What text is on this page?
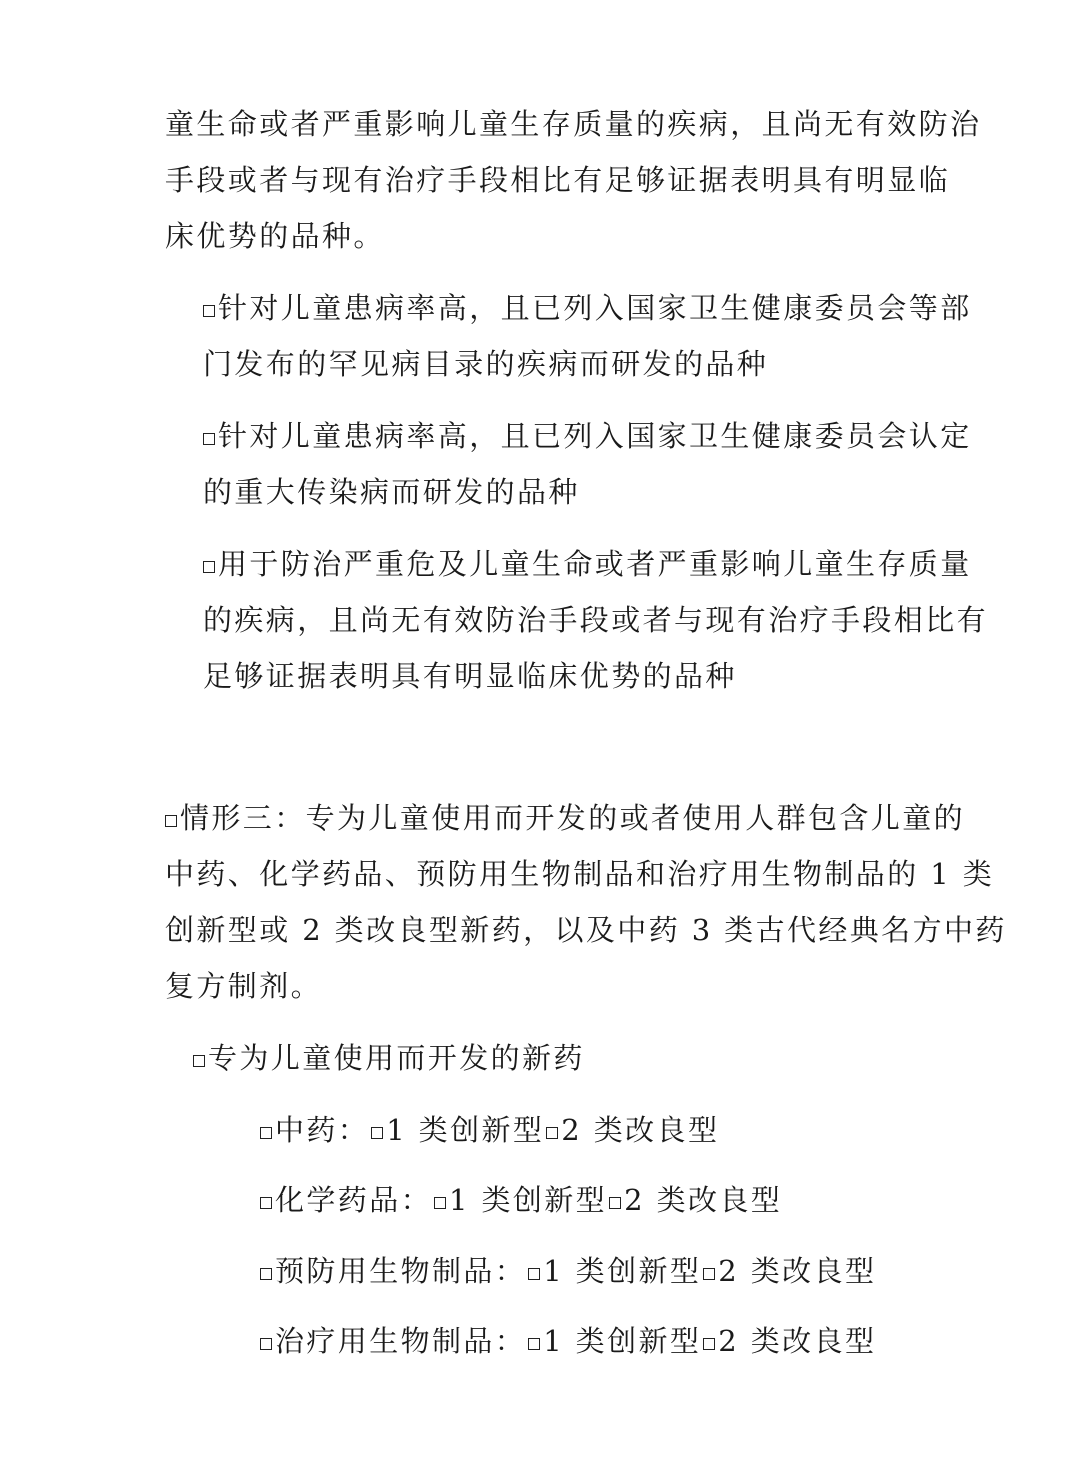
童生命或者严重影响儿童生存质量的疾病，且尚无有效防治
手段或者与现有治疗手段相比有足够证据表明具有明显临
床优势的品种。
针对儿童患病率高，且已列入国家卫生健康委员会等部
门发布的罕见病目录的疾病而研发的品种
针对儿童患病率高，且已列入国家卫生健康委员会认定
的重大传染病而研发的品种
用于防治严重危及儿童生命或者严重影响儿童生存质量
的疾病，且尚无有效防治手段或者与现有治疗手段相比有
足够证据表明具有明显临床优势的品种
情形三：专为儿童使用而开发的或者使用人群包含儿童的
中药、化学药品、预防用生物制品和治疗用生物制品的 1 类
创新型或 2 类改良型新药，以及中药 3 类古代经典名方中药
复方制剂。
专为儿童使用而开发的新药
中药： 1 类创新型 2 类改良型
化学药品： 1 类创新型 2 类改良型
预防用生物制品： 1 类创新型 2 类改良型
治疗用生物制品： 1 类创新型 2 类改良型
